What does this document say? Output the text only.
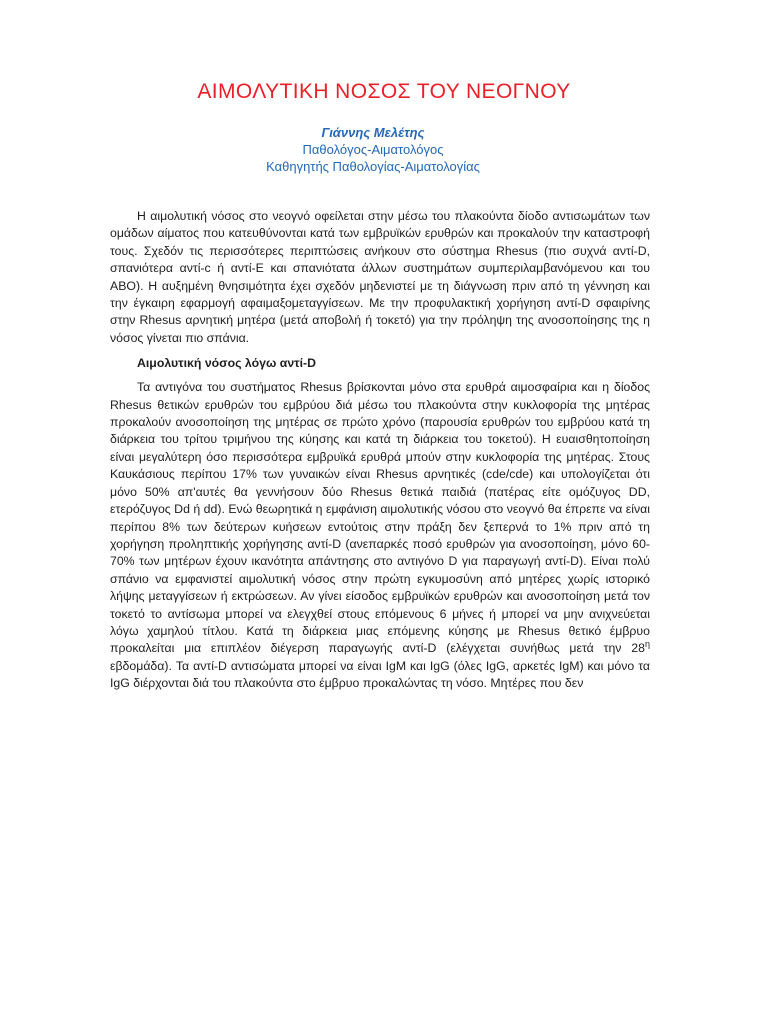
ΑΙΜΟΛΥΤΙΚΗ ΝΟΣΟΣ ΤΟΥ ΝΕΟΓΝΟΥ
Γιάννης Μελέτης
Παθολόγος-Αιματολόγος
Καθηγητής Παθολογίας-Αιματολογίας

Η αιμολυτική νόσος στο νεογνό οφείλεται στην μέσω του πλακούντα δίοδο αντισωμάτων των ομάδων αίματος που κατευθύνονται κατά των εμβρυϊκών ερυθρών και προκαλούν την καταστροφή τους. Σχεδόν τις περισσότερες περιπτώσεις ανήκουν στο σύστημα Rhesus (πιο συχνά αντί-D, σπανιότερα αντί-c ή αντί-E και σπανιότατα άλλων συστημάτων συμπεριλαμβανόμενου και του ABO). Η αυξημένη θνησιμότητα έχει σχεδόν μηδενιστεί με τη διάγνωση πριν από τη γέννηση και την έγκαιρη εφαρμογή αφαιμαξομεταγγίσεων. Με την προφυλακτική χορήγηση αντί-D σφαιρίνης στην Rhesus αρνητική μητέρα (μετά αποβολή ή τοκετό) για την πρόληψη της ανοσοποίησης της η νόσος γίνεται πιο σπάνια.

Αιμολυτική νόσος λόγω αντί-D

Τα αντιγόνα του συστήματος Rhesus βρίσκονται μόνο στα ερυθρά αιμοσφαίρια και η δίοδος Rhesus θετικών ερυθρών του εμβρύου διά μέσω του πλακούντα στην κυκλοφορία της μητέρας προκαλούν ανοσοποίηση της μητέρας σε πρώτο χρόνο (παρουσία ερυθρών του εμβρύου κατά τη διάρκεια του τρίτου τριμήνου της κύησης και κατά τη διάρκεια του τοκετού). Η ευαισθητοποίηση είναι μεγαλύτερη όσο περισσότερα εμβρυϊκά ερυθρά μπούν στην κυκλοφορία της μητέρας. Στους Καυκάσιους περίπου 17% των γυναικών είναι Rhesus αρνητικές (cde/cde) και υπολογίζεται ότι μόνο 50% απ'αυτές θα γεννήσουν δύο Rhesus θετικά παιδιά (πατέρας είτε ομόζυγος DD, ετερόζυγος Dd ή dd). Ενώ θεωρητικά η εμφάνιση αιμολυτικής νόσου στο νεογνό θα έπρεπε να είναι περίπου 8% των δεύτερων κυήσεων εντούτοις στην πράξη δεν ξεπερνά το 1% πριν από τη χορήγηση προληπτικής χορήγησης αντί-D (ανεπαρκές ποσό ερυθρών για ανοσοποίηση, μόνο 60-70% των μητέρων έχουν ικανότητα απάντησης στο αντιγόνο D για παραγωγή αντί-D). Είναι πολύ σπάνιο να εμφανιστεί αιμολυτική νόσος στην πρώτη εγκυμοσύνη από μητέρες χωρίς ιστορικό λήψης μεταγγίσεων ή εκτρώσεων. Αν γίνει είσοδος εμβρυϊκών ερυθρών και ανοσοποίηση μετά τον τοκετό το αντίσωμα μπορεί να ελεγχθεί στους επόμενους 6 μήνες ή μπορεί να μην ανιχνεύεται λόγω χαμηλού τίτλου. Κατά τη διάρκεια μιας επόμενης κύησης με Rhesus θετικό έμβρυο προκαλείται μια επιπλέον διέγερση παραγωγής αντί-D (ελέγχεται συνήθως μετά την $28^\eta$ εβδομάδα). Τα αντί-D αντισώματα μπορεί να είναι IgM και IgG (όλες IgG, αρκετές IgM) και μόνο τα IgG διέρχονται διά του πλακούντα στο έμβρυο προκαλώντας τη νόσο. Μητέρες που δεν
